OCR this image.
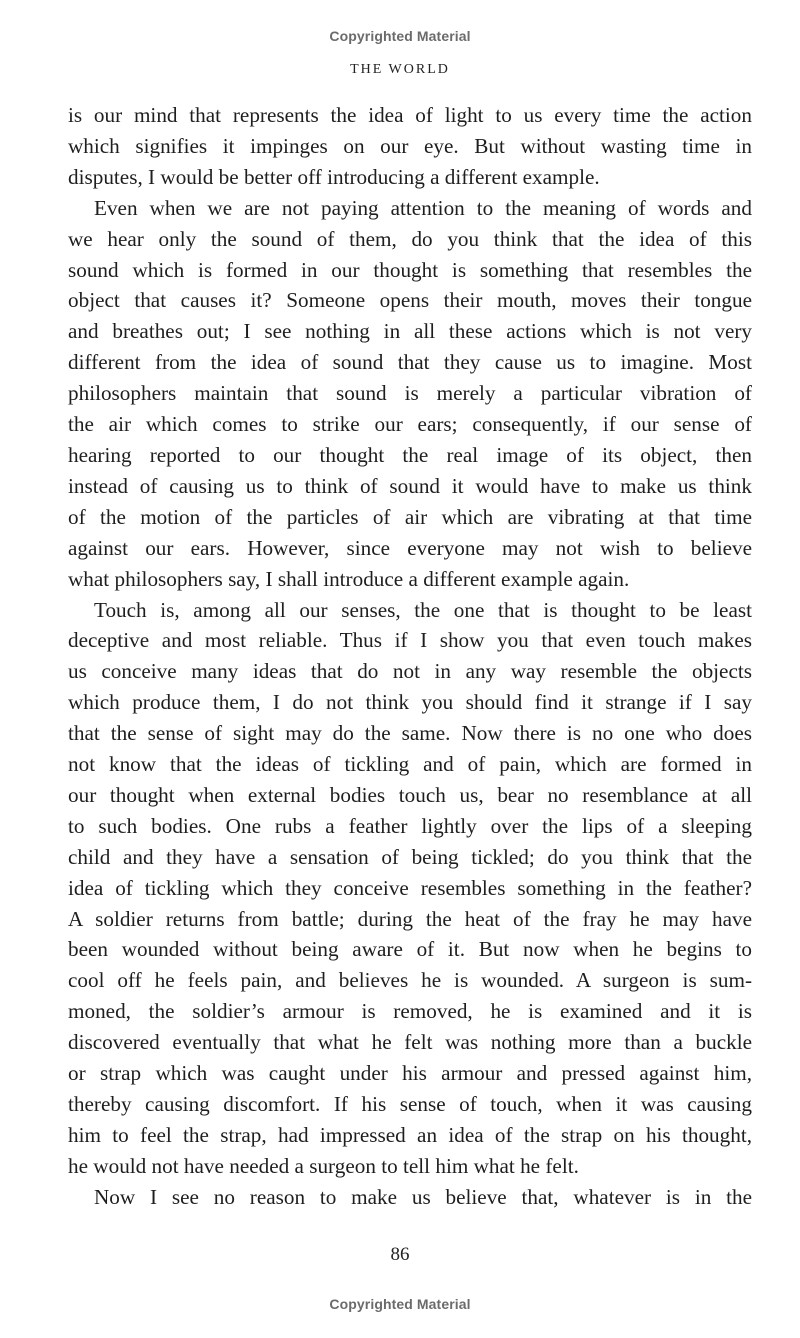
Copyrighted Material
THE WORLD
is our mind that represents the idea of light to us every time the action
which signifies it impinges on our eye. But without wasting time in
disputes, I would be better off introducing a different example.
Even when we are not paying attention to the meaning of words and
we hear only the sound of them, do you think that the idea of this
sound which is formed in our thought is something that resembles the
object that causes it? Someone opens their mouth, moves their tongue
and breathes out; I see nothing in all these actions which is not very
different from the idea of sound that they cause us to imagine. Most
philosophers maintain that sound is merely a particular vibration of
the air which comes to strike our ears; consequently, if our sense of
hearing reported to our thought the real image of its object, then
instead of causing us to think of sound it would have to make us think
of the motion of the particles of air which are vibrating at that time
against our ears. However, since everyone may not wish to believe
what philosophers say, I shall introduce a different example again.
Touch is, among all our senses, the one that is thought to be least
deceptive and most reliable. Thus if I show you that even touch makes
us conceive many ideas that do not in any way resemble the objects
which produce them, I do not think you should find it strange if I say
that the sense of sight may do the same. Now there is no one who does
not know that the ideas of tickling and of pain, which are formed in
our thought when external bodies touch us, bear no resemblance at all
to such bodies. One rubs a feather lightly over the lips of a sleeping
child and they have a sensation of being tickled; do you think that the
idea of tickling which they conceive resembles something in the feather?
A soldier returns from battle; during the heat of the fray he may have
been wounded without being aware of it. But now when he begins to
cool off he feels pain, and believes he is wounded. A surgeon is sum-
moned, the soldier’s armour is removed, he is examined and it is
discovered eventually that what he felt was nothing more than a buckle
or strap which was caught under his armour and pressed against him,
thereby causing discomfort. If his sense of touch, when it was causing
him to feel the strap, had impressed an idea of the strap on his thought,
he would not have needed a surgeon to tell him what he felt.
Now I see no reason to make us believe that, whatever is in the
86
Copyrighted Material
